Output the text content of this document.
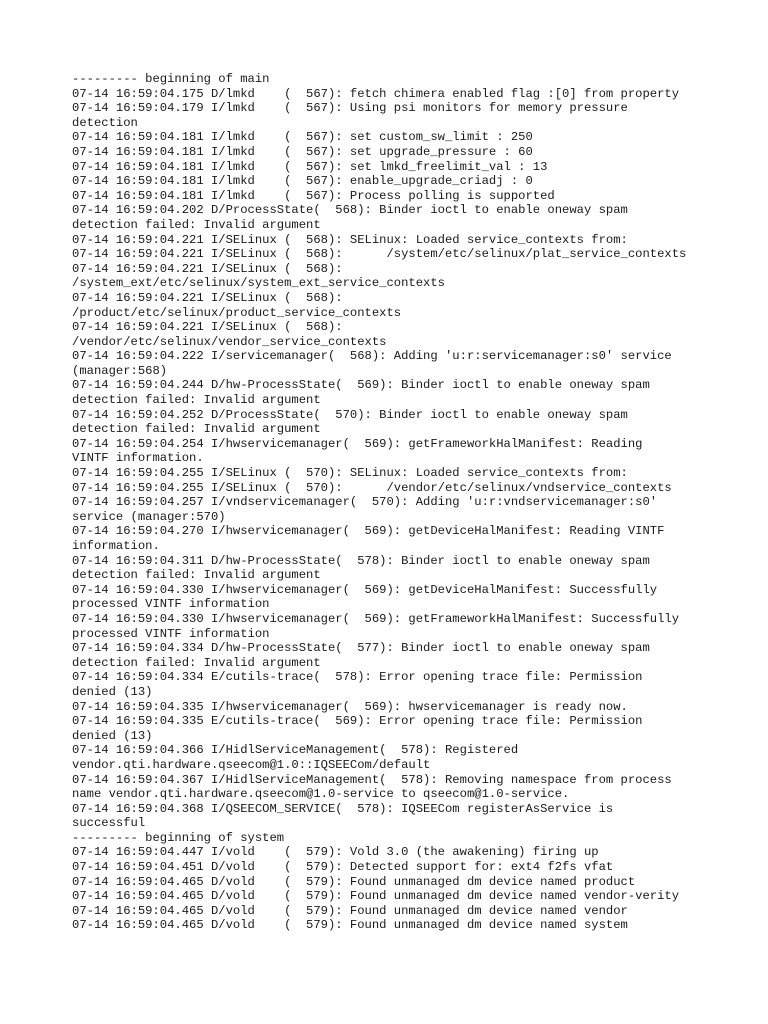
--------- beginning of main
07-14 16:59:04.175 D/lmkd    (  567): fetch chimera enabled flag :[0] from property
07-14 16:59:04.179 I/lmkd    (  567): Using psi monitors for memory pressure
detection
07-14 16:59:04.181 I/lmkd    (  567): set custom_sw_limit : 250
07-14 16:59:04.181 I/lmkd    (  567): set upgrade_pressure : 60
07-14 16:59:04.181 I/lmkd    (  567): set lmkd_freelimit_val : 13
07-14 16:59:04.181 I/lmkd    (  567): enable_upgrade_criadj : 0
07-14 16:59:04.181 I/lmkd    (  567): Process polling is supported
07-14 16:59:04.202 D/ProcessState(  568): Binder ioctl to enable oneway spam
detection failed: Invalid argument
07-14 16:59:04.221 I/SELinux (  568): SELinux: Loaded service_contexts from:
07-14 16:59:04.221 I/SELinux (  568):      /system/etc/selinux/plat_service_contexts
07-14 16:59:04.221 I/SELinux (  568):
/system_ext/etc/selinux/system_ext_service_contexts
07-14 16:59:04.221 I/SELinux (  568):
/product/etc/selinux/product_service_contexts
07-14 16:59:04.221 I/SELinux (  568):
/vendor/etc/selinux/vendor_service_contexts
07-14 16:59:04.222 I/servicemanager(  568): Adding 'u:r:servicemanager:s0' service
(manager:568)
07-14 16:59:04.244 D/hw-ProcessState(  569): Binder ioctl to enable oneway spam
detection failed: Invalid argument
07-14 16:59:04.252 D/ProcessState(  570): Binder ioctl to enable oneway spam
detection failed: Invalid argument
07-14 16:59:04.254 I/hwservicemanager(  569): getFrameworkHalManifest: Reading
VINTF information.
07-14 16:59:04.255 I/SELinux (  570): SELinux: Loaded service_contexts from:
07-14 16:59:04.255 I/SELinux (  570):      /vendor/etc/selinux/vndservice_contexts
07-14 16:59:04.257 I/vndservicemanager(  570): Adding 'u:r:vndservicemanager:s0'
service (manager:570)
07-14 16:59:04.270 I/hwservicemanager(  569): getDeviceHalManifest: Reading VINTF
information.
07-14 16:59:04.311 D/hw-ProcessState(  578): Binder ioctl to enable oneway spam
detection failed: Invalid argument
07-14 16:59:04.330 I/hwservicemanager(  569): getDeviceHalManifest: Successfully
processed VINTF information
07-14 16:59:04.330 I/hwservicemanager(  569): getFrameworkHalManifest: Successfully
processed VINTF information
07-14 16:59:04.334 D/hw-ProcessState(  577): Binder ioctl to enable oneway spam
detection failed: Invalid argument
07-14 16:59:04.334 E/cutils-trace(  578): Error opening trace file: Permission
denied (13)
07-14 16:59:04.335 I/hwservicemanager(  569): hwservicemanager is ready now.
07-14 16:59:04.335 E/cutils-trace(  569): Error opening trace file: Permission
denied (13)
07-14 16:59:04.366 I/HidlServiceManagement(  578): Registered
vendor.qti.hardware.qseecom@1.0::IQSEECom/default
07-14 16:59:04.367 I/HidlServiceManagement(  578): Removing namespace from process
name vendor.qti.hardware.qseecom@1.0-service to qseecom@1.0-service.
07-14 16:59:04.368 I/QSEECOM_SERVICE(  578): IQSEECom registerAsService is
successful
--------- beginning of system
07-14 16:59:04.447 I/vold    (  579): Vold 3.0 (the awakening) firing up
07-14 16:59:04.451 D/vold    (  579): Detected support for: ext4 f2fs vfat
07-14 16:59:04.465 D/vold    (  579): Found unmanaged dm device named product
07-14 16:59:04.465 D/vold    (  579): Found unmanaged dm device named vendor-verity
07-14 16:59:04.465 D/vold    (  579): Found unmanaged dm device named vendor
07-14 16:59:04.465 D/vold    (  579): Found unmanaged dm device named system
